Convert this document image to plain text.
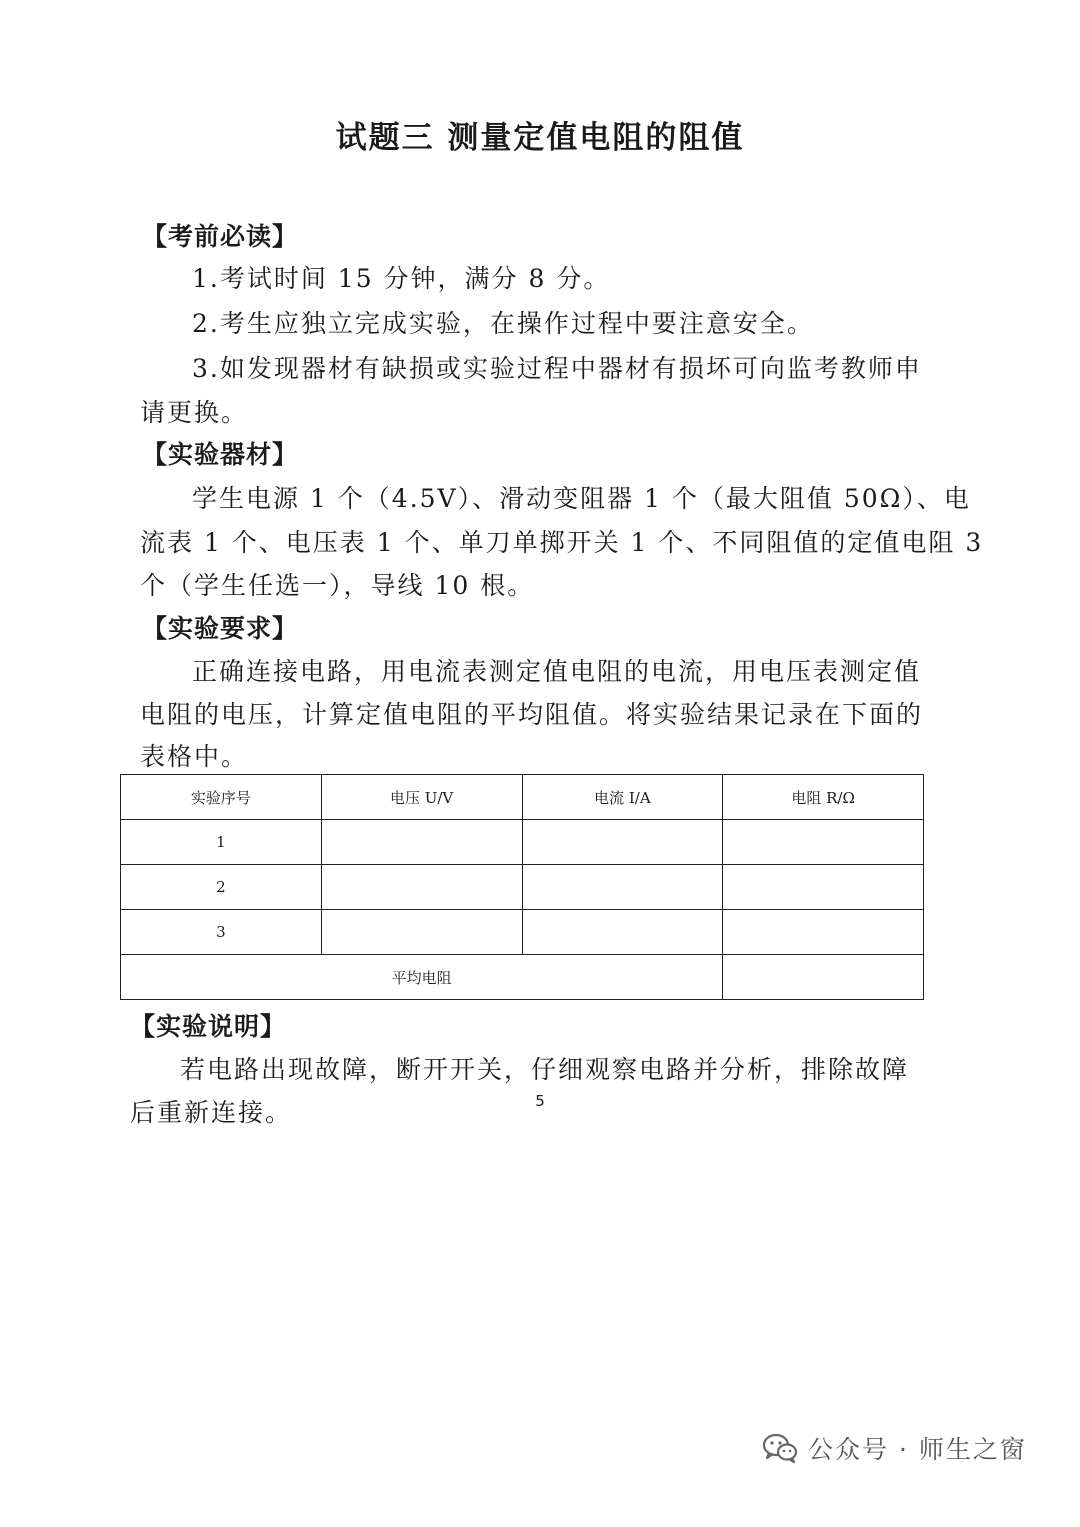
试题三 测量定值电阻的阻值
【考前必读】
1.考试时间 15 分钟，满分 8 分。
2.考生应独立完成实验，在操作过程中要注意安全。
3.如发现器材有缺损或实验过程中器材有损坏可向监考教师申
请更换。
【实验器材】
学生电源 1 个（4.5V）、滑动变阻器 1 个（最大阻值 50Ω）、电
流表 1 个、电压表 1 个、单刀单掷开关 1 个、不同阻值的定值电阻 3
个（学生任选一），导线 10 根。
【实验要求】
正确连接电路，用电流表测定值电阻的电流，用电压表测定值
电阻的电压，计算定值电阻的平均阻值。将实验结果记录在下面的
表格中。
实验序号	电压 U/V	电流 I/A	电阻 R/Ω
1			
2			
3			
平均电阻			
【实验说明】
若电路出现故障，断开开关，仔细观察电路并分析，排除故障
后重新连接。	5
公众号 · 师生之窗
